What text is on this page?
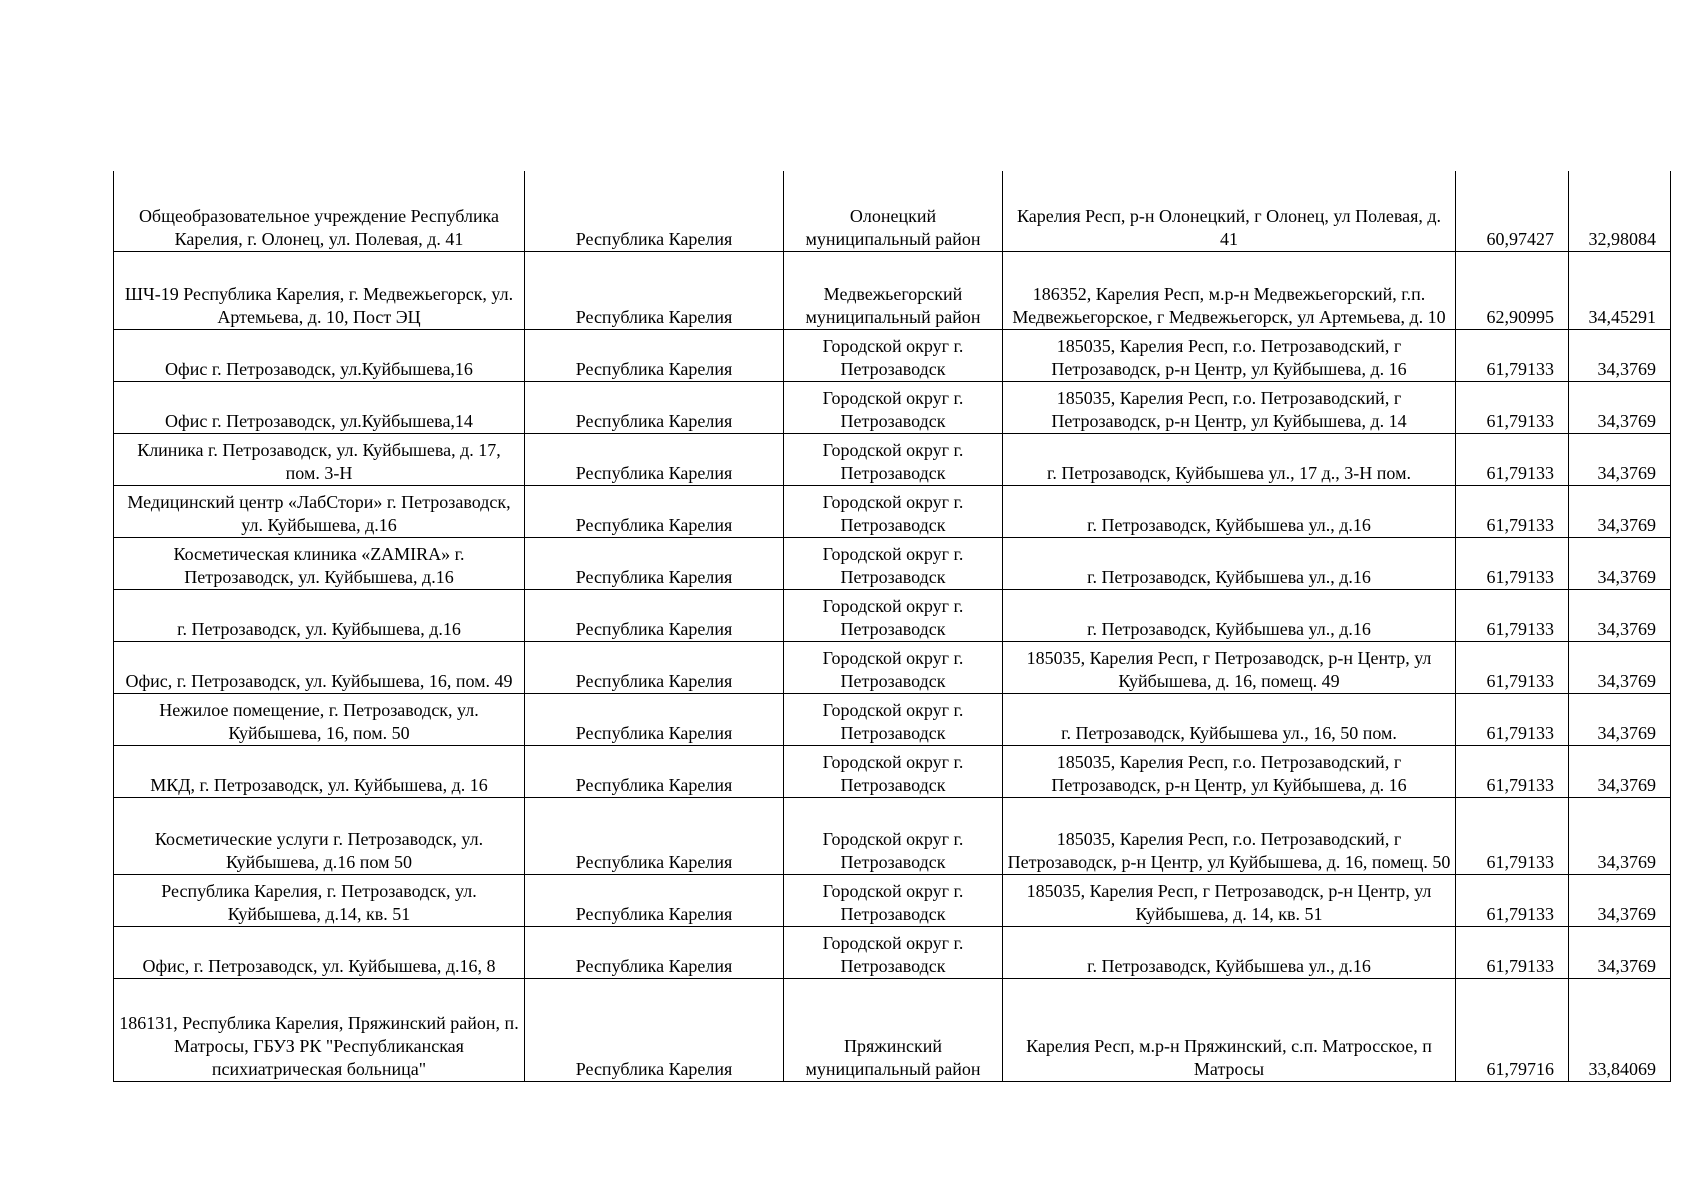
Общеобразовательное учреждение Республика Карелия, г. Олонец, ул. Полевая, д. 41	Республика Карелия	Олонецкий муниципальный район	Карелия Респ, р-н Олонецкий, г Олонец, ул Полевая, д. 41	60,97427	32,98084
ШЧ-19 Республика Карелия, г. Медвежьегорск, ул. Артемьева, д. 10, Пост ЭЦ	Республика Карелия	Медвежьегорский муниципальный район	186352, Карелия Респ, м.р-н Медвежьегорский, г.п. Медвежьегорское, г Медвежьегорск, ул Артемьева, д. 10	62,90995	34,45291
Офис г. Петрозаводск, ул.Куйбышева,16	Республика Карелия	Городской округ г. Петрозаводск	185035, Карелия Респ, г.о. Петрозаводский, г Петрозаводск, р-н Центр, ул Куйбышева, д. 16	61,79133	34,3769
Офис г. Петрозаводск, ул.Куйбышева,14	Республика Карелия	Городской округ г. Петрозаводск	185035, Карелия Респ, г.о. Петрозаводский, г Петрозаводск, р-н Центр, ул Куйбышева, д. 14	61,79133	34,3769
Клиника г. Петрозаводск, ул. Куйбышева, д. 17, пом. 3-Н	Республика Карелия	Городской округ г. Петрозаводск	г. Петрозаводск, Куйбышева ул., 17 д., 3-Н пом.	61,79133	34,3769
Медицинский центр «ЛабСтори» г. Петрозаводск, ул. Куйбышева, д.16	Республика Карелия	Городской округ г. Петрозаводск	г. Петрозаводск, Куйбышева ул., д.16	61,79133	34,3769
Косметическая клиника «ZAMIRA» г. Петрозаводск, ул. Куйбышева, д.16	Республика Карелия	Городской округ г. Петрозаводск	г. Петрозаводск, Куйбышева ул., д.16	61,79133	34,3769
г. Петрозаводск, ул. Куйбышева, д.16	Республика Карелия	Городской округ г. Петрозаводск	г. Петрозаводск, Куйбышева ул., д.16	61,79133	34,3769
Офис, г. Петрозаводск, ул. Куйбышева, 16, пом. 49	Республика Карелия	Городской округ г. Петрозаводск	185035, Карелия Респ, г Петрозаводск, р-н Центр, ул Куйбышева, д. 16, помещ. 49	61,79133	34,3769
Нежилое помещение, г. Петрозаводск, ул. Куйбышева, 16, пом. 50	Республика Карелия	Городской округ г. Петрозаводск	г. Петрозаводск, Куйбышева ул., 16, 50 пом.	61,79133	34,3769
МКД, г. Петрозаводск, ул. Куйбышева, д. 16	Республика Карелия	Городской округ г. Петрозаводск	185035, Карелия Респ, г.о. Петрозаводский, г Петрозаводск, р-н Центр, ул Куйбышева, д. 16	61,79133	34,3769
Косметические услуги г. Петрозаводск, ул. Куйбышева, д.16 пом 50	Республика Карелия	Городской округ г. Петрозаводск	185035, Карелия Респ, г.о. Петрозаводский, г Петрозаводск, р-н Центр, ул Куйбышева, д. 16, помещ. 50	61,79133	34,3769
Республика Карелия, г. Петрозаводск, ул. Куйбышева, д.14, кв. 51	Республика Карелия	Городской округ г. Петрозаводск	185035, Карелия Респ, г Петрозаводск, р-н Центр, ул Куйбышева, д. 14, кв. 51	61,79133	34,3769
Офис, г. Петрозаводск, ул. Куйбышева, д.16, 8	Республика Карелия	Городской округ г. Петрозаводск	г. Петрозаводск, Куйбышева ул., д.16	61,79133	34,3769
186131, Республика Карелия, Пряжинский район, п. Матросы, ГБУЗ РК "Республиканская психиатрическая больница"	Республика Карелия	Пряжинский муниципальный район	Карелия Респ, м.р-н Пряжинский, с.п. Матросское, п Матросы	61,79716	33,84069
